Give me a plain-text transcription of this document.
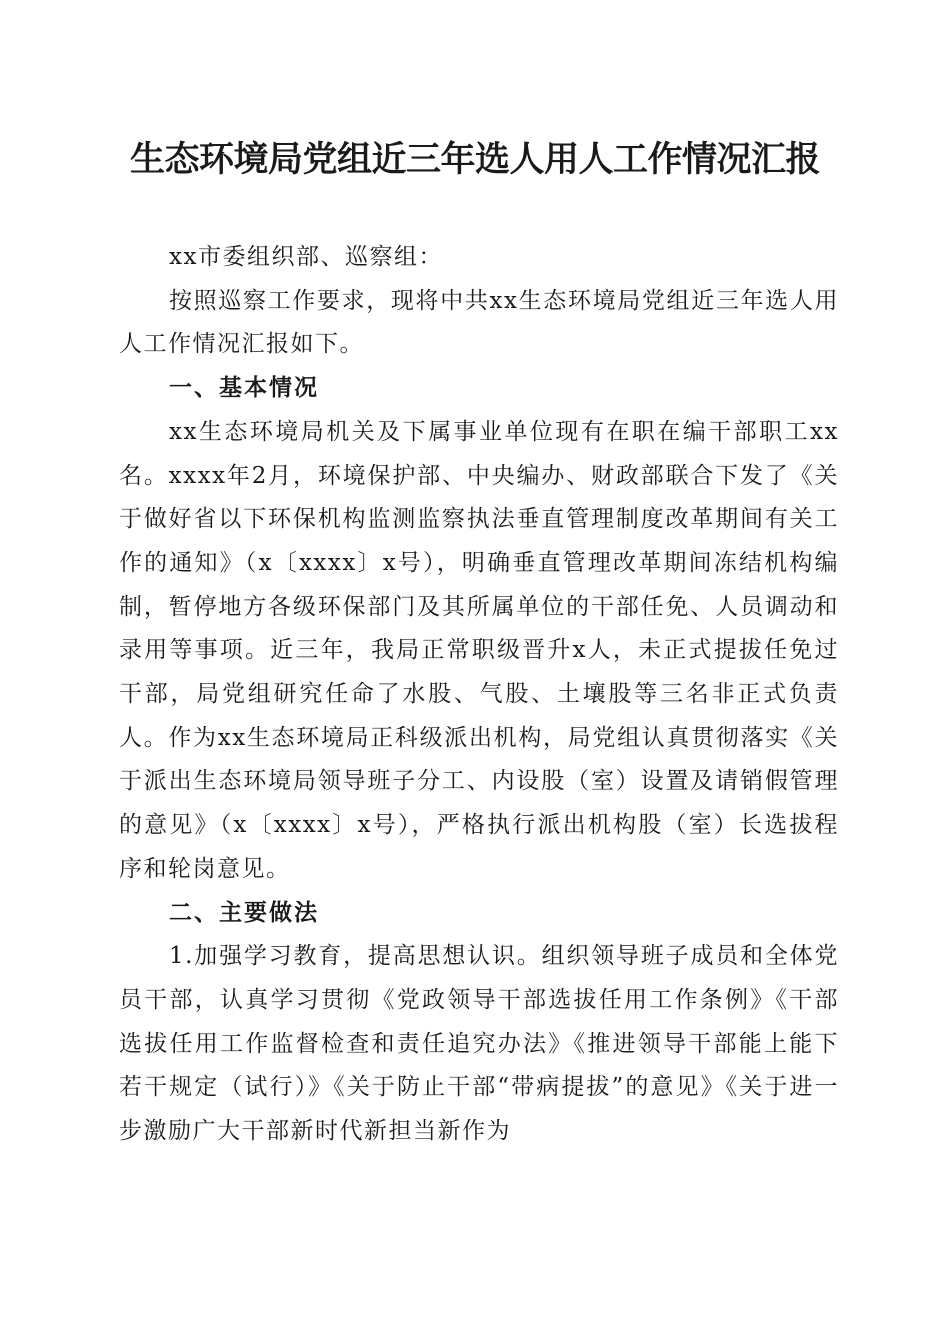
生态环境局党组近三年选人用人工作情况汇报

xx市委组织部、巡察组：

按照巡察工作要求，现将中共xx生态环境局党组近三年选人用人工作情况汇报如下。

一、基本情况

xx生态环境局机关及下属事业单位现有在职在编干部职工xx名。xxxx年2月，环境保护部、中央编办、财政部联合下发了《关于做好省以下环保机构监测监察执法垂直管理制度改革期间有关工作的通知》（x〔xxxx〕x号），明确垂直管理改革期间冻结机构编制，暂停地方各级环保部门及其所属单位的干部任免、人员调动和录用等事项。近三年，我局正常职级晋升x人，未正式提拔任免过干部，局党组研究任命了水股、气股、土壤股等三名非正式负责人。作为xx生态环境局正科级派出机构，局党组认真贯彻落实《关于派出生态环境局领导班子分工、内设股（室）设置及请销假管理的意见》（x〔xxxx〕x号），严格执行派出机构股（室）长选拔程序和轮岗意见。

二、主要做法

1.加强学习教育，提高思想认识。组织领导班子成员和全体党员干部，认真学习贯彻《党政领导干部选拔任用工作条例》《干部选拔任用工作监督检查和责任追究办法》《推进领导干部能上能下若干规定（试行）》《关于防止干部“带病提拔”的意见》《关于进一步激励广大干部新时代新担当新作为
